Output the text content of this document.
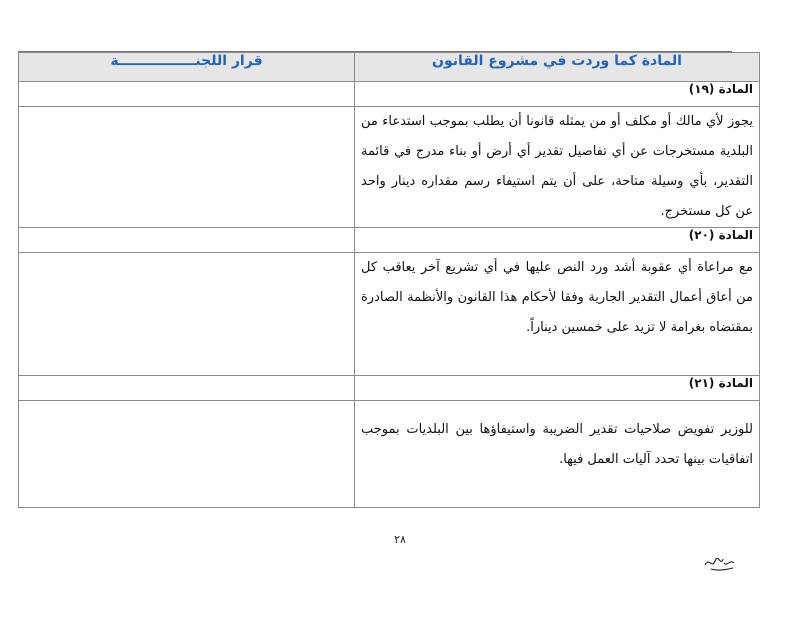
المادة كما وردت في مشروع القانون	قرار اللجنــــــــــــــــة
المادة (١٩)	
يجوز لأي مالك أو مكلف أو من يمثله قانونا أن يطلب بموجب استدعاء من البلدية مستخرجات عن أي تفاصيل تقدير أي أرض أو بناء مدرج في قائمة التقدير، بأي وسيلة متاحة، على أن يتم استيفاء رسم مقداره دينار واحد عن كل مستخرج.	
المادة (٢٠)	
مع مراعاة أي عقوبة أشد ورد النص عليها في أي تشريع آخر يعاقب كل من أعاق أعمال التقدير الجارية وفقا لأحكام هذا القانون والأنظمة الصادرة بمقتضاه بغرامة لا تزيد على خمسين ديناراً.	
المادة (٢١)	
للوزير تفويض صلاحيات تقدير الضريبة واستيفاؤها بين البلديات بموجب اتفاقيات بينها تحدد آليات العمل فيها.	
٢٨
